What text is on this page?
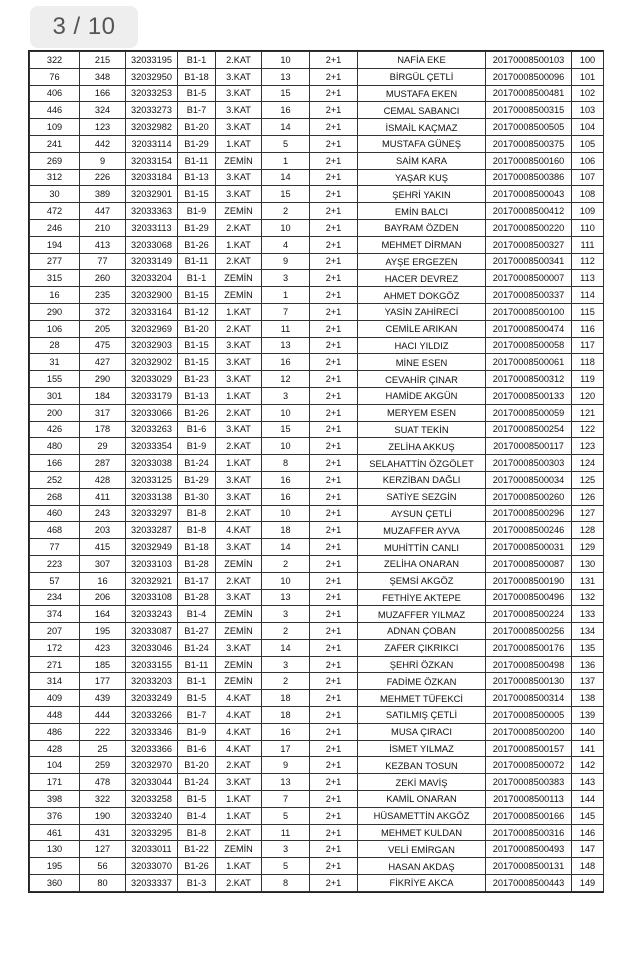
3 / 10
322	215	32033195	B1-1	2.KAT	10	2+1	NAFİA EKE	20170008500103	100
76	348	32032950	B1-18	3.KAT	13	2+1	BİRGÜL ÇETLİ	20170008500096	101
406	166	32033253	B1-5	3.KAT	15	2+1	MUSTAFA EKEN	20170008500481	102
446	324	32033273	B1-7	3.KAT	16	2+1	CEMAL SABANCI	20170008500315	103
109	123	32032982	B1-20	3.KAT	14	2+1	İSMAİL KAÇMAZ	20170008500505	104
241	442	32033114	B1-29	1.KAT	5	2+1	MUSTAFA GÜNEŞ	20170008500375	105
269	9	32033154	B1-11	ZEMİN	1	2+1	SAİM KARA	20170008500160	106
312	226	32033184	B1-13	3.KAT	14	2+1	YAŞAR KUŞ	20170008500386	107
30	389	32032901	B1-15	3.KAT	15	2+1	ŞEHRİ YAKIN	20170008500043	108
472	447	32033363	B1-9	ZEMİN	2	2+1	EMİN BALCI	20170008500412	109
246	210	32033113	B1-29	2.KAT	10	2+1	BAYRAM ÖZDEN	20170008500220	110
194	413	32033068	B1-26	1.KAT	4	2+1	MEHMET DİRMAN	20170008500327	111
277	77	32033149	B1-11	2.KAT	9	2+1	AYŞE ERGEZEN	20170008500341	112
315	260	32033204	B1-1	ZEMİN	3	2+1	HACER DEVREZ	20170008500007	113
16	235	32032900	B1-15	ZEMİN	1	2+1	AHMET DOKGÖZ	20170008500337	114
290	372	32033164	B1-12	1.KAT	7	2+1	YASİN ZAHİRECİ	20170008500100	115
106	205	32032969	B1-20	2.KAT	11	2+1	CEMİLE ARIKAN	20170008500474	116
28	475	32032903	B1-15	3.KAT	13	2+1	HACI YILDIZ	20170008500058	117
31	427	32032902	B1-15	3.KAT	16	2+1	MİNE ESEN	20170008500061	118
155	290	32033029	B1-23	3.KAT	12	2+1	CEVAHİR ÇINAR	20170008500312	119
301	184	32033179	B1-13	1.KAT	3	2+1	HAMİDE AKGÜN	20170008500133	120
200	317	32033066	B1-26	2.KAT	10	2+1	MERYEM ESEN	20170008500059	121
426	178	32033263	B1-6	3.KAT	15	2+1	SUAT TEKİN	20170008500254	122
480	29	32033354	B1-9	2.KAT	10	2+1	ZELİHA AKKUŞ	20170008500117	123
166	287	32033038	B1-24	1.KAT	8	2+1	SELAHATTİN ÖZGÖLET	20170008500303	124
252	428	32033125	B1-29	3.KAT	16	2+1	KERZİBAN DAĞLI	20170008500034	125
268	411	32033138	B1-30	3.KAT	16	2+1	SATİYE SEZGİN	20170008500260	126
460	243	32033297	B1-8	2.KAT	10	2+1	AYSUN ÇETLİ	20170008500296	127
468	203	32033287	B1-8	4.KAT	18	2+1	MUZAFFER AYVA	20170008500246	128
77	415	32032949	B1-18	3.KAT	14	2+1	MUHİTTİN CANLI	20170008500031	129
223	307	32033103	B1-28	ZEMİN	2	2+1	ZELİHA ONARAN	20170008500087	130
57	16	32032921	B1-17	2.KAT	10	2+1	ŞEMSİ AKGÖZ	20170008500190	131
234	206	32033108	B1-28	3.KAT	13	2+1	FETHİYE AKTEPE	20170008500496	132
374	164	32033243	B1-4	ZEMİN	3	2+1	MUZAFFER YILMAZ	20170008500224	133
207	195	32033087	B1-27	ZEMİN	2	2+1	ADNAN ÇOBAN	20170008500256	134
172	423	32033046	B1-24	3.KAT	14	2+1	ZAFER ÇIKRIKCI	20170008500176	135
271	185	32033155	B1-11	ZEMİN	3	2+1	ŞEHRİ ÖZKAN	20170008500498	136
314	177	32033203	B1-1	ZEMİN	2	2+1	FADİME ÖZKAN	20170008500130	137
409	439	32033249	B1-5	4.KAT	18	2+1	MEHMET TÜFEKCİ	20170008500314	138
448	444	32033266	B1-7	4.KAT	18	2+1	SATILMIŞ ÇETLİ	20170008500005	139
486	222	32033346	B1-9	4.KAT	16	2+1	MUSA ÇIRACI	20170008500200	140
428	25	32033366	B1-6	4.KAT	17	2+1	İSMET YILMAZ	20170008500157	141
104	259	32032970	B1-20	2.KAT	9	2+1	KEZBAN TOSUN	20170008500072	142
171	478	32033044	B1-24	3.KAT	13	2+1	ZEKİ MAVİŞ	20170008500383	143
398	322	32033258	B1-5	1.KAT	7	2+1	KAMİL ONARAN	20170008500113	144
376	190	32033240	B1-4	1.KAT	5	2+1	HÜSAMETTİN AKGÖZ	20170008500166	145
461	431	32033295	B1-8	2.KAT	11	2+1	MEHMET KULDAN	20170008500316	146
130	127	32033011	B1-22	ZEMİN	3	2+1	VELİ EMİRGAN	20170008500493	147
195	56	32033070	B1-26	1.KAT	5	2+1	HASAN AKDAŞ	20170008500131	148
360	80	32033337	B1-3	2.KAT	8	2+1	FİKRİYE AKCA	20170008500443	149
